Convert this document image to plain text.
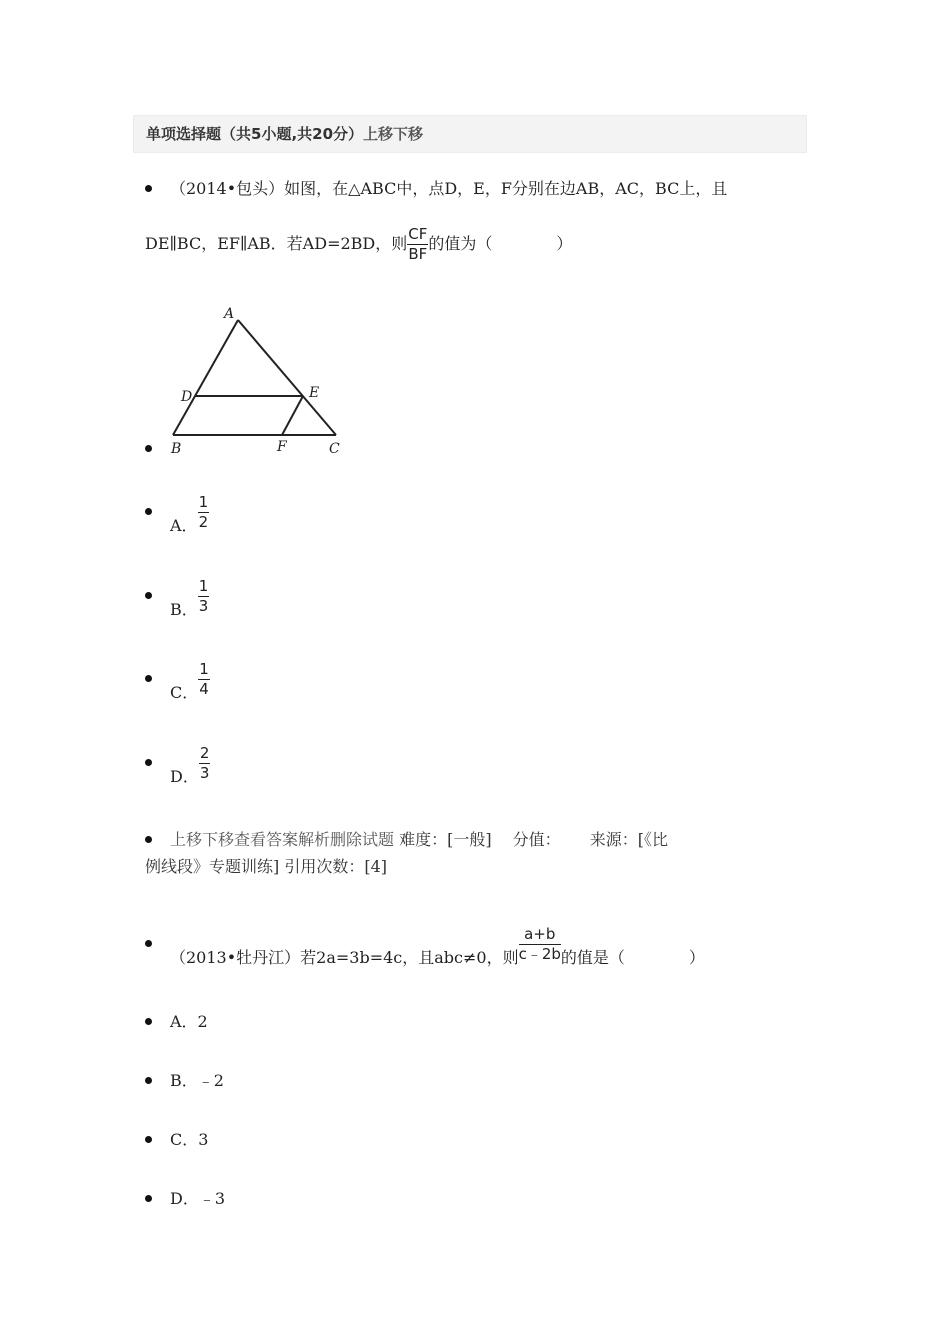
单项选择题（共5小题,共20分）上移下移
（2014•包头）如图，在△ABC中，点D，E，F分别在边AB，AC，BC上，且
DE∥BC，EF∥AB．若AD=2BD，则 $\frac{CF}{BF}$ 的值为（　　　　）
A
D	E
B	F	C
A． $\frac{1}{2}$
B． $\frac{1}{3}$
C． $\frac{1}{4}$
D． $\frac{2}{3}$
上移下移查看答案解析删除试题 难度：[一般]　 分值：　　 来源：[《比
例线段》专题训练] 引用次数：[4]
（2013•牡丹江）若2a=3b=4c，且abc≠0，则 $\frac{a+b}{c﹣2b}$ 的值是（　　　　）
A．2
B．﹣2
C．3
D．﹣3
